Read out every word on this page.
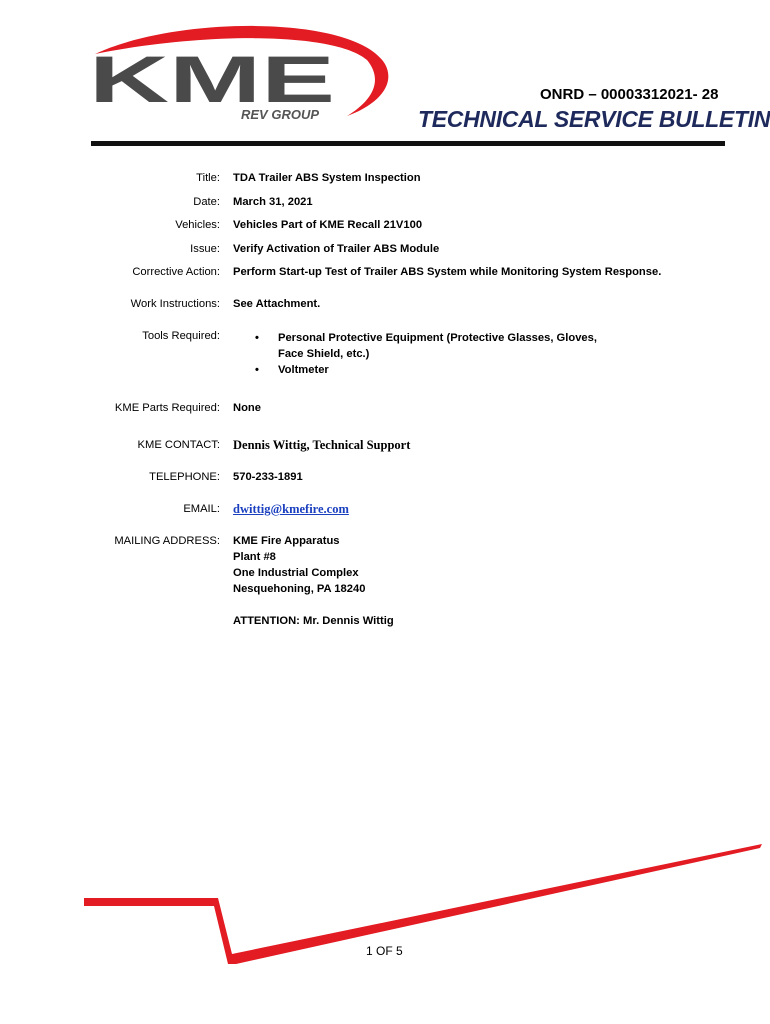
KME
REV GROUP
ONRD – 00003312021- 28
TECHNICAL SERVICE BULLETIN
Title: TDA Trailer ABS System Inspection
Date: March 31, 2021
Vehicles: Vehicles Part of KME Recall 21V100
Issue: Verify Activation of Trailer ABS Module
Corrective Action: Perform Start-up Test of Trailer ABS System while Monitoring System Response.
Work Instructions: See Attachment.
Tools Required:	• Personal Protective Equipment (Protective Glasses, Gloves, Face Shield, etc.)
• Voltmeter
KME Parts Required: None
KME CONTACT: Dennis Wittig, Technical Support
TELEPHONE: 570-233-1891
EMAIL: dwittig@kmefire.com
MAILING ADDRESS: KME Fire Apparatus
Plant #8
One Industrial Complex
Nesquehoning, PA 18240
ATTENTION: Mr. Dennis Wittig
1 OF 5
